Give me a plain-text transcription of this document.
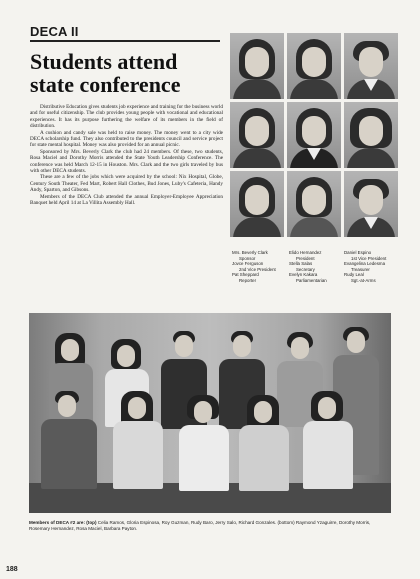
DECA II
Students attend
state conference

Distributive Education gives students job experience and training for the business world and for useful citizenship. The club provides young people with vocational and educational experiences. It has its purpose furthering the welfare of its members in the field of distribution.

A cushion and candy sale was held to raise money. The money went to a city wide DECA scholarship fund. They also contributed to the presidents council and service project for state mental hospital. Money was also provided for an annual picnic.

Sponsored by Mrs. Beverly Clark the club had 24 members. Of these, two students, Rosa Maciel and Dorothy Morris attended the State Youth Leadership Conference. The conference was held March 12-15 in Houston. Mrs. Clark and the two girls traveled by bus with other DECA students.

These are a few of the jobs which were acquired by the school: Nix Hospital, Globe, Century South Theater, Fed Mart, Robert Hall Clothes, Bud Jones, Luby's Cafeteria, Handy Andy, Sparton, and Gibsons.

Members of the DECA Club attended the annual Employer-Employee Appreciation Banquet held April 14 at La Villita Assembly Hall.

Mrs. Beverly Clark
Sponsor
Jovce Ferguson
2nd Vice President
Pat Sheppard
Reporter
Elido Hernandez
President
Stella Salas
Secretary
Evelyn Kakara
Parliamentarian
Daniel Espino
1st Vice President
Evangelina Ledesma
Treasurer
Rudy Leal
Sgt.-at-Arms
Members of DECA #2 are: (top) Celia Ramos, Gloria Espinosa, Roy Guzman, Rudy Baro, Jerry Salo, Richard Gonzales. (bottom) Raymond Yzaguirre, Dorothy Morris, Rosemary Hernandez, Rosa Maciel, Barbara Payton.
188
